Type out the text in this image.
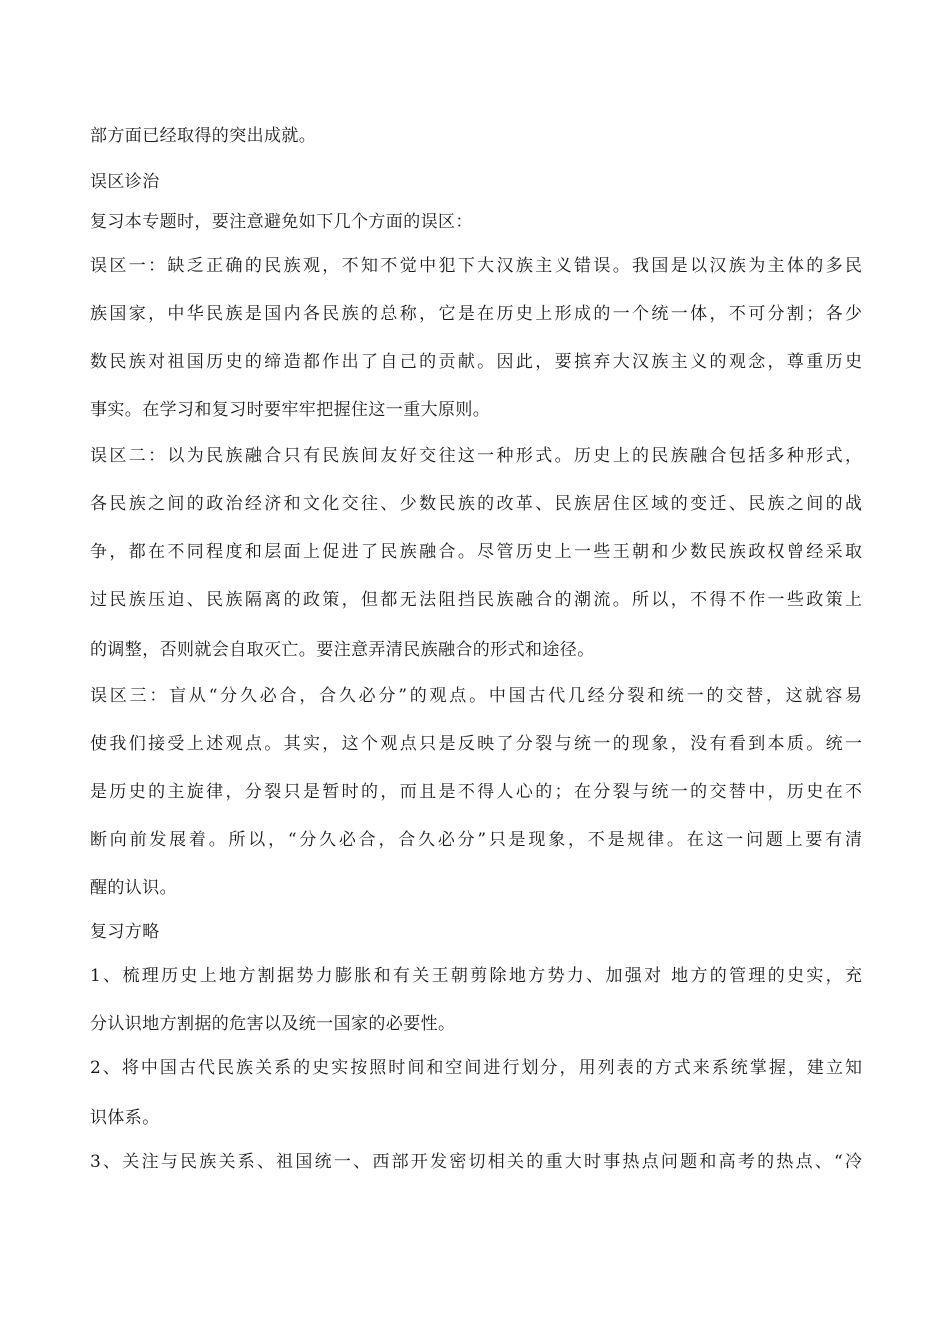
部方面已经取得的突出成就。
误区诊治
复习本专题时，要注意避免如下几个方面的误区：
误区一：缺乏正确的民族观，不知不觉中犯下大汉族主义错误。我国是以汉族为主体的多民
族国家，中华民族是国内各民族的总称，它是在历史上形成的一个统一体，不可分割；各少
数民族对祖国历史的缔造都作出了自己的贡献。因此，要摈弃大汉族主义的观念，尊重历史
事实。在学习和复习时要牢牢把握住这一重大原则。
误区二：以为民族融合只有民族间友好交往这一种形式。历史上的民族融合包括多种形式，
各民族之间的政治经济和文化交往、少数民族的改革、民族居住区域的变迁、民族之间的战
争，都在不同程度和层面上促进了民族融合。尽管历史上一些王朝和少数民族政权曾经采取
过民族压迫、民族隔离的政策，但都无法阻挡民族融合的潮流。所以，不得不作一些政策上
的调整，否则就会自取灭亡。要注意弄清民族融合的形式和途径。
误区三：盲从“分久必合，合久必分”的观点。中国古代几经分裂和统一的交替，这就容易
使我们接受上述观点。其实，这个观点只是反映了分裂与统一的现象，没有看到本质。统一
是历史的主旋律，分裂只是暂时的，而且是不得人心的；在分裂与统一的交替中，历史在不
断向前发展着。所以，“分久必合，合久必分”只是现象，不是规律。在这一问题上要有清
醒的认识。
复习方略
1、梳理历史上地方割据势力膨胀和有关王朝剪除地方势力、加强对 地方的管理的史实，充
分认识地方割据的危害以及统一国家的必要性。
2、将中国古代民族关系的史实按照时间和空间进行划分，用列表的方式来系统掌握，建立知
识体系。
3、关注与民族关系、祖国统一、西部开发密切相关的重大时事热点问题和高考的热点、“冷
